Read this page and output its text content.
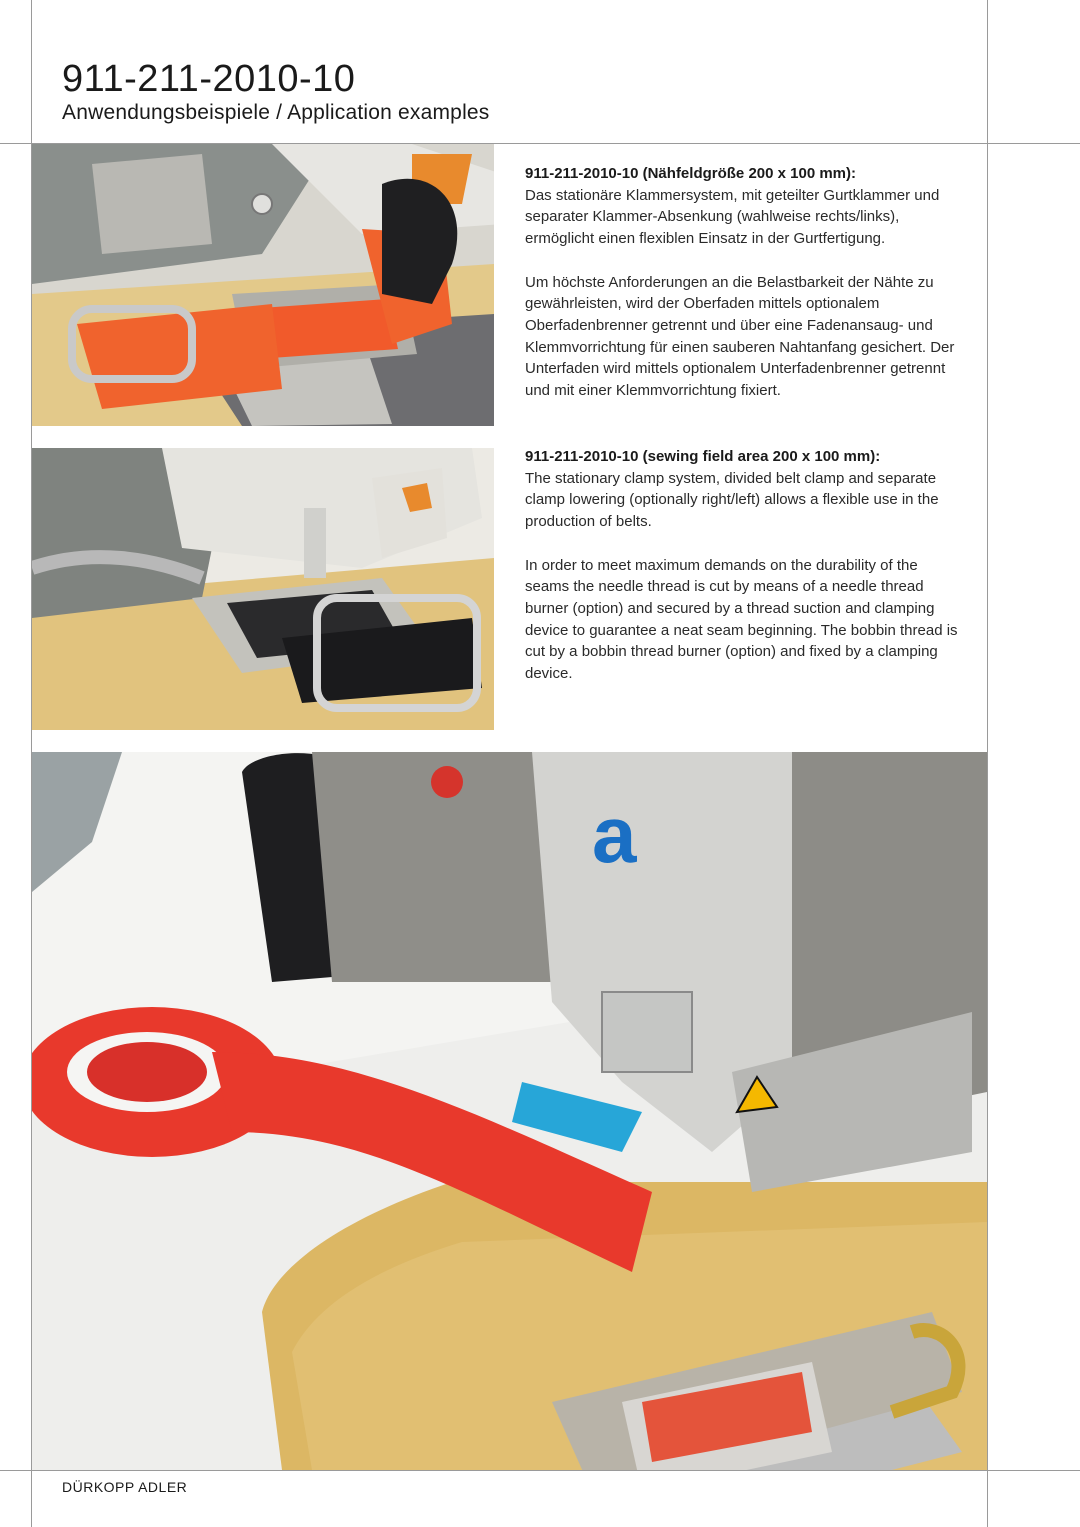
911-211-2010-10
Anwendungsbeispiele / Application examples
911-211-2010-10 (Nähfeldgröße 200 x 100 mm):

Das stationäre Klammersystem, mit geteilter Gurtklammer und separater Klammer-Absenkung (wahlweise rechts/links), ermöglicht einen flexiblen Einsatz in der Gurtfertigung.

Um höchste Anforderungen an die Belastbarkeit der Nähte zu gewährleisten, wird der Oberfaden mittels optionalem Oberfadenbrenner getrennt und über eine Fadenansaug- und Klemmvorrichtung für einen sauberen Nahtanfang gesichert. Der Unterfaden wird mittels optionalem Unterfadenbrenner getrennt und mit einer Klemmvorrichtung fixiert.

911-211-2010-10 (sewing field area 200 x 100 mm):

The stationary clamp system, divided belt clamp and separate clamp lowering (optionally right/left) allows a flexible use in the production of belts.

In order to meet maximum demands on the durability of the seams the needle thread is cut by means of a needle thread burner (option) and secured by a thread suction and clamping device to guarantee a neat seam beginning. The bobbin thread is cut by a bobbin thread burner (option) and fixed by a clamping device.

a
DÜRKOPP ADLER
